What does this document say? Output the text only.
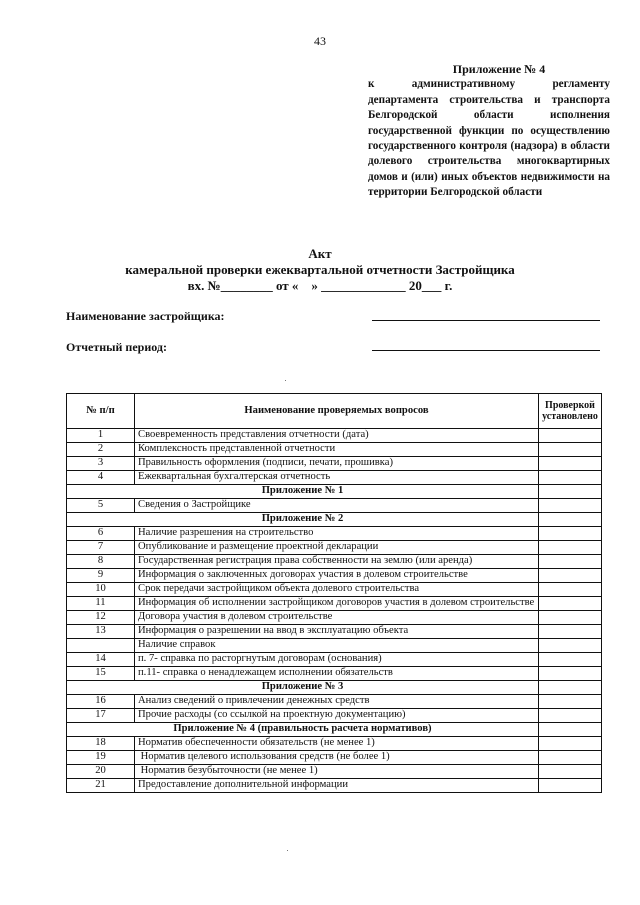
43
Приложение № 4
к административному регламенту департамента строительства и транспорта Белгородской области исполнения государственной функции по осуществлению государственного контроля (надзора) в области долевого строительства многоквартирных домов и (или) иных объектов недвижимости на территории Белгородской области
Акт
камеральной проверки ежеквартальной отчетности Застройщика
вх. №________ от «    » _____________ 20___ г.
Наименование застройщика:
Отчетный период:
№ п/п	Наименование проверяемых вопросов	Проверкой установлено
1	Своевременность представления отчетности (дата)	
2	Комплексность представленной отчетности	
3	Правильность оформления (подписи, печати, прошивка)	
4	Ежеквартальная бухгалтерская отчетность	
Приложение № 1		
5	Сведения о Застройщике	
Приложение № 2		
6	Наличие разрешения на строительство	
7	Опубликование и размещение проектной декларации	
8	Государственная регистрация права собственности на землю (или аренда)	
9	Информация о заключенных договорах участия в долевом строительстве	
10	Срок передачи застройщиком объекта долевого строительства	
11	Информация об исполнении застройщиком договоров участия в долевом строительстве	
12	Договора участия в долевом строительстве	
13	Информация о разрешении на ввод в эксплуатацию объекта	
	Наличие справок	
14	п. 7- справка по расторгнутым договорам (основания)	
15	п.11- справка о ненадлежащем исполнении обязательств	
Приложение № 3		
16	Анализ сведений о привлечении денежных средств	
17	Прочие расходы (со ссылкой на проектную документацию)	
Приложение № 4 (правильность расчета нормативов)		
18	Норматив обеспеченности обязательств (не менее 1)	
19	Норматив целевого использования средств (не более 1)	
20	Норматив безубыточности (не менее 1)	
21	Предоставление дополнительной информации	
